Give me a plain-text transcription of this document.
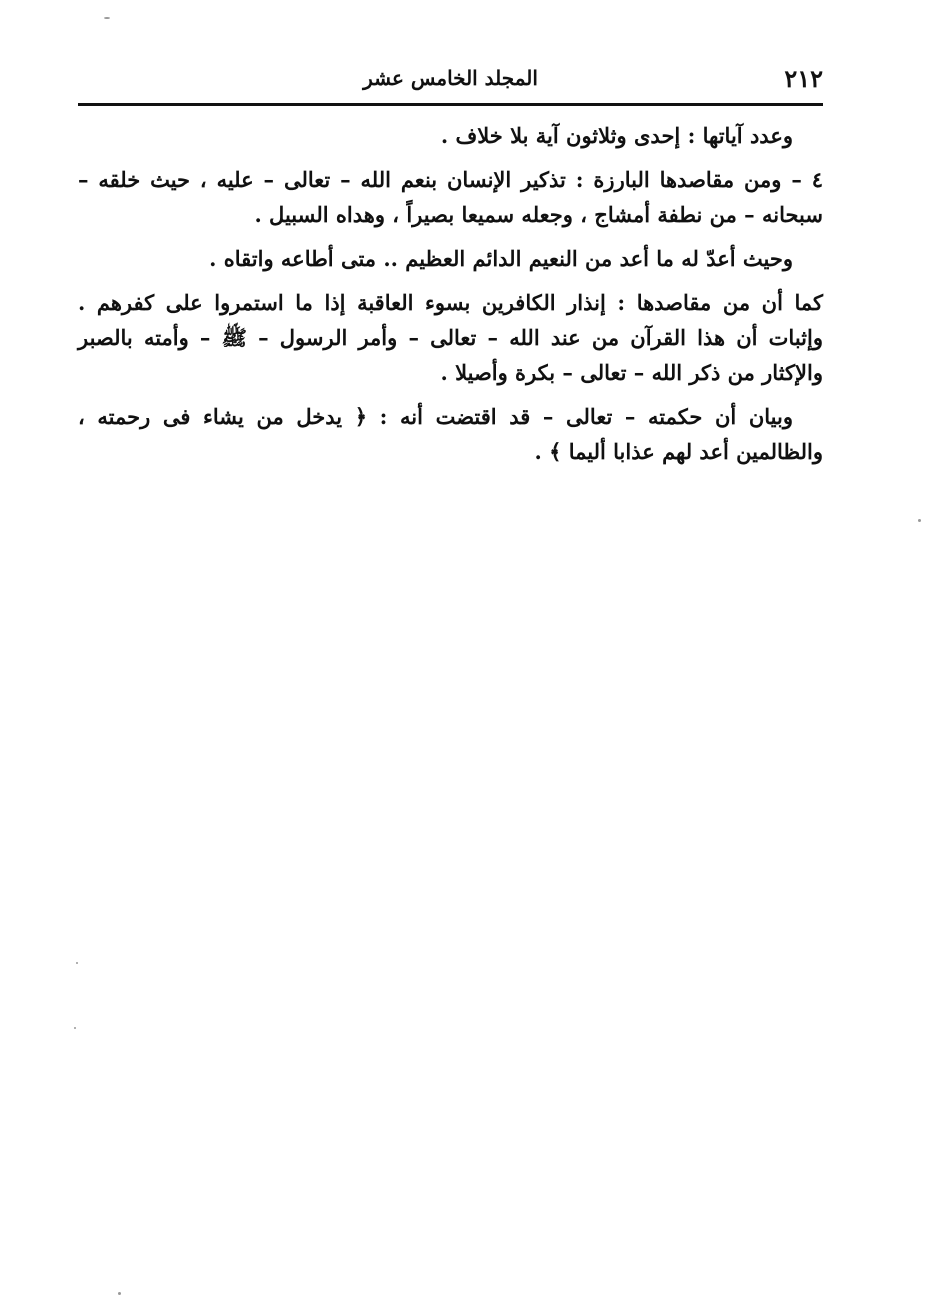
٢١٢
المجلد الخامس عشر

وعدد آياتها : إحدى وثلاثون آية بلا خلاف .

٤ – ومن مقاصدها البارزة : تذكير الإنسان بنعم الله – تعالى – عليه ، حيث خلقه – سبحانه – من نطفة أمشاج ، وجعله سميعا بصيراً ، وهداه السبيل .

وحيث أعدّ له ما أعد من النعيم الدائم العظيم .. متى أطاعه واتقاه .

كما أن من مقاصدها : إنذار الكافرين بسوء العاقبة إذا ما استمروا على كفرهم . وإثبات أن هذا القرآن من عند الله – تعالى – وأمر الرسول – ﷺ – وأمته بالصبر والإكثار من ذكر الله – تعالى – بكرة وأصيلا .

وبيان أن حكمته – تعالى – قد اقتضت أنه : ﴿ يدخل من يشاء فى رحمته ، والظالمين أعد لهم عذابا أليما ﴾ .
